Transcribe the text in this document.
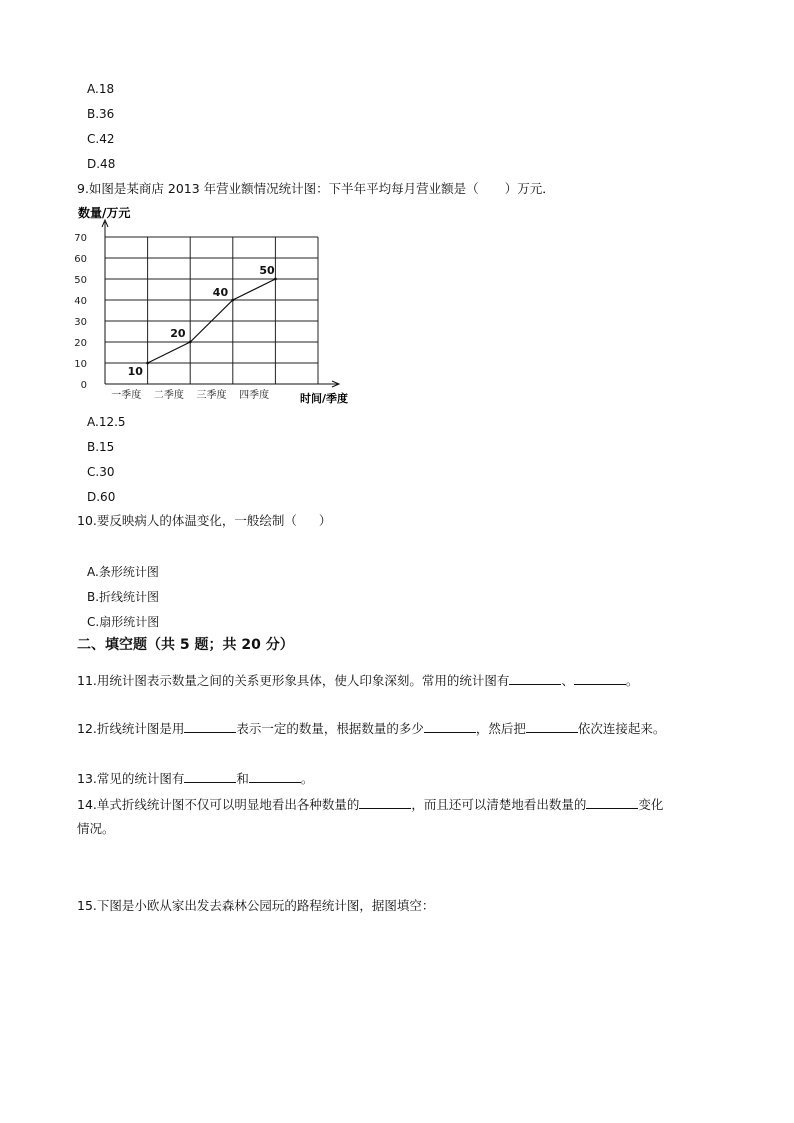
A.18
B.36
C.42
D.48
9.如图是某商店 2013 年营业额情况统计图：下半年平均每月营业额是（ ）万元．
0
10
20
30
40
50
60
70
一季度 二季度 三季度 四季度
10
20
40
50
数量/万元
时间/季度
A.12.5
B.15
C.30
D.60
10.要反映病人的体温变化，一般绘制（ ）
A.条形统计图
B.折线统计图
C.扇形统计图
二、填空题（共 5 题；共 20 分）
11.用统计图表示数量之间的关系更形象具体，使人印象深刻。常用的统计图有	、	。
12.折线统计图是用	表示一定的数量，根据数量的多少	，然后把	依次连接起来。
13.常见的统计图有	和	。
14.单式折线统计图不仅可以明显地看出各种数量的	，而且还可以清楚地看出数量的	变化
情况。
15.下图是小欧从家出发去森林公园玩的路程统计图，据图填空：
